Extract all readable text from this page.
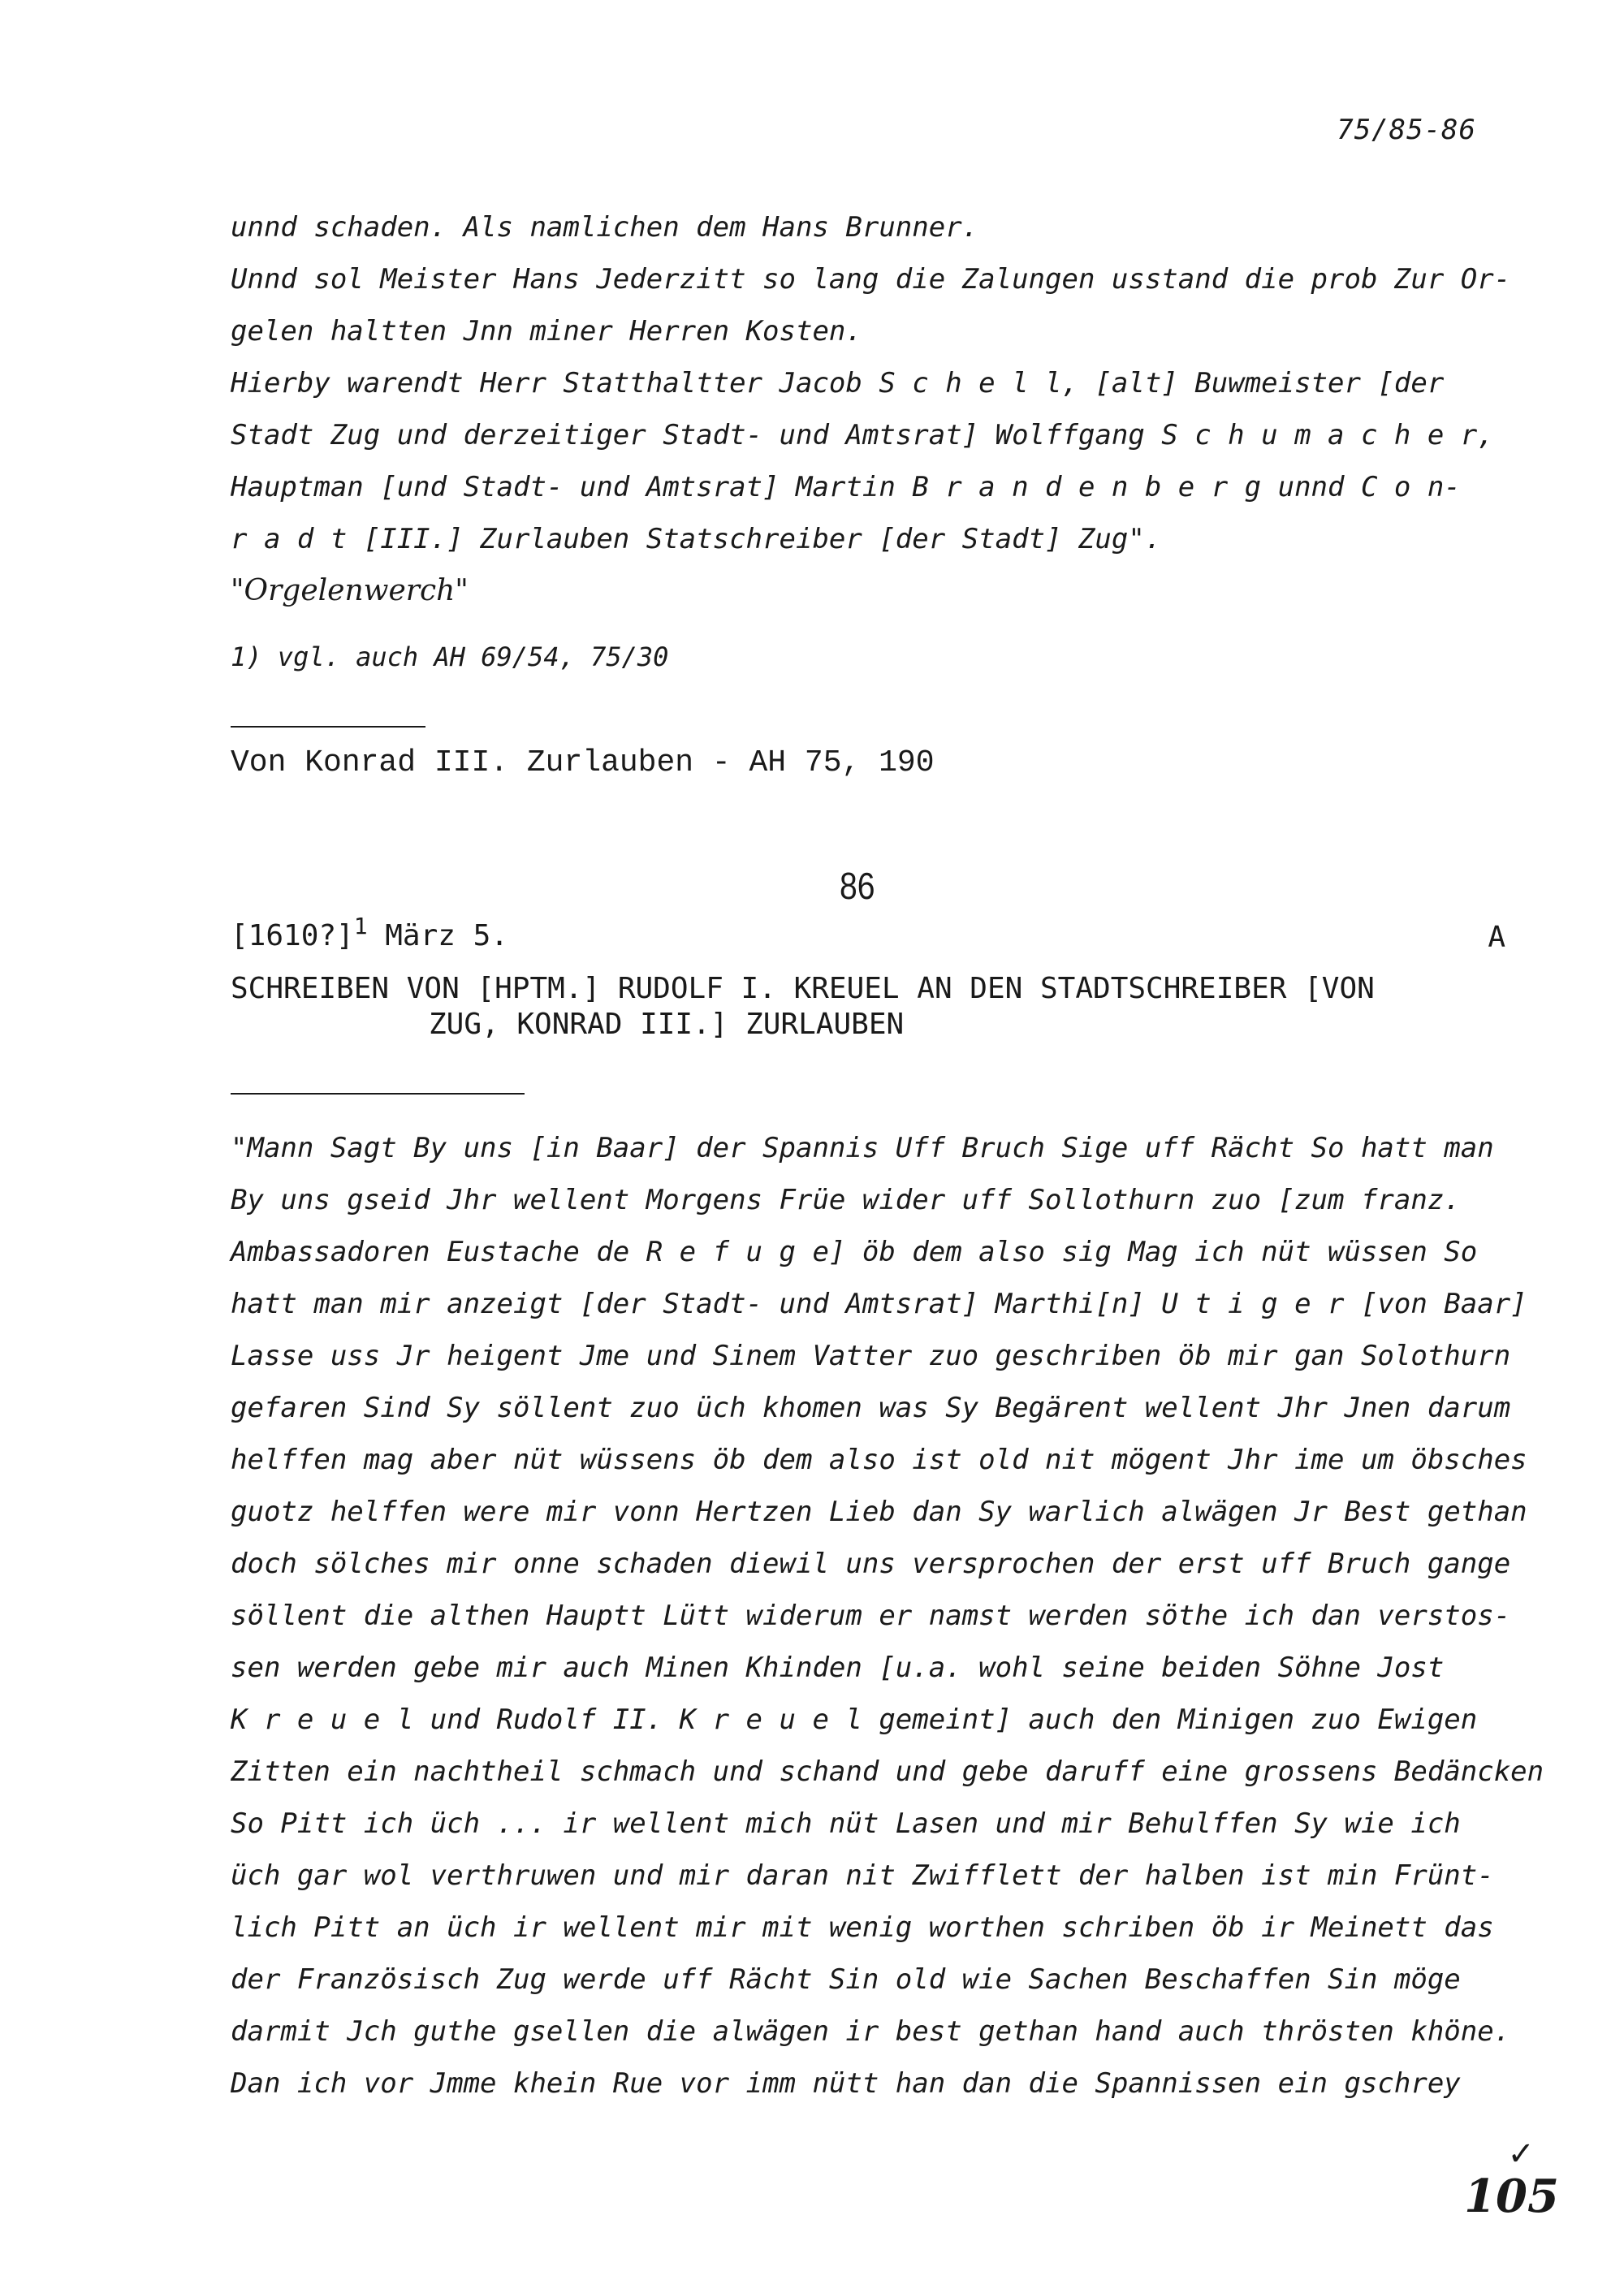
75/85-86
unnd schaden. Als namlichen dem Hans Brunner.
Unnd sol Meister Hans Jederzitt so lang die Zalungen usstand die prob Zur Or-
gelen haltten Jnn miner Herren Kosten.
Hierby warendt Herr Statthaltter Jacob S c h e l l, [alt] Buwmeister [der
Stadt Zug und derzeitiger Stadt- und Amtsrat] Wolffgang S c h u m a c h e r,
Hauptman [und Stadt- und Amtsrat] Martin B r a n d e n b e r g unnd C o n-
r a d t [III.] Zurlauben Statschreiber [der Stadt] Zug".
"Orgelenwerch"
1) vgl. auch AH 69/54, 75/30
Von Konrad III. Zurlauben - AH 75, 190
86
[1610?]$^1$ März 5.	A
SCHREIBEN VON [HPTM.] RUDOLF I. KREUEL AN DEN STADTSCHREIBER [VON
ZUG, KONRAD III.] ZURLAUBEN
"Mann Sagt By uns [in Baar] der Spannis Uff Bruch Sige uff Rächt So hatt man
By uns gseid Jhr wellent Morgens Früe wider uff Sollothurn zuo [zum franz.
Ambassadoren Eustache de R e f u g e] öb dem also sig Mag ich nüt wüssen So
hatt man mir anzeigt [der Stadt- und Amtsrat] Marthi[n] U t i g e r [von Baar]
Lasse uss Jr heigent Jme und Sinem Vatter zuo geschriben öb mir gan Solothurn
gefaren Sind Sy söllent zuo üch khomen was Sy Begärent wellent Jhr Jnen darum
helffen mag aber nüt wüssens öb dem also ist old nit mögent Jhr ime um öbsches
guotz helffen were mir vonn Hertzen Lieb dan Sy warlich alwägen Jr Best gethan
doch sölches mir onne schaden diewil uns versprochen der erst uff Bruch gange
söllent die althen Hauptt Lütt widerum er namst werden söthe ich dan verstos-
sen werden gebe mir auch Minen Khinden [u.a. wohl seine beiden Söhne Jost
K r e u e l und Rudolf II. K r e u e l gemeint] auch den Minigen zuo Ewigen
Zitten ein nachtheil schmach und schand und gebe daruff eine grossens Bedäncken
So Pitt ich üch ... ir wellent mich nüt Lasen und mir Behulffen Sy wie ich
üch gar wol verthruwen und mir daran nit Zwifflett der halben ist min Frünt-
lich Pitt an üch ir wellent mir mit wenig worthen schriben öb ir Meinett das
der Französisch Zug werde uff Rächt Sin old wie Sachen Beschaffen Sin möge
darmit Jch guthe gsellen die alwägen ir best gethan hand auch thrösten khöne.
Dan ich vor Jmme khein Rue vor imm nütt han dan die Spannissen ein gschrey
✓
105
